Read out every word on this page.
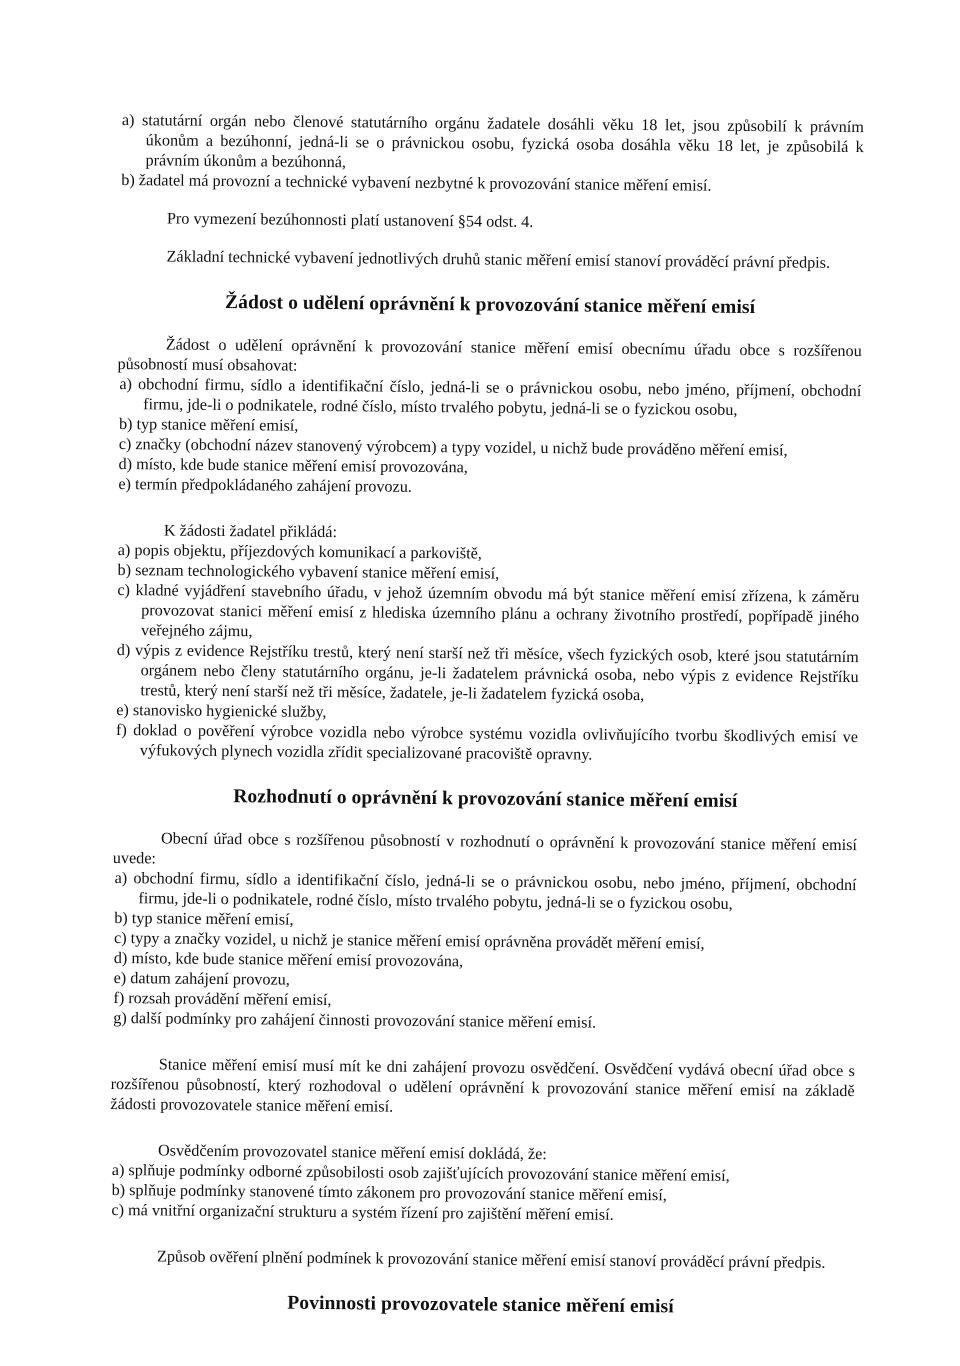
a) statutární orgán nebo členové statutárního orgánu žadatele dosáhli věku 18 let, jsou způsobilí k právním úkonům a bezúhonní, jedná-li se o právnickou osobu, fyzická osoba dosáhla věku 18 let, je způsobilá k právním úkonům a bezúhonná,

b) žadatel má provozní a technické vybavení nezbytné k provozování stanice měření emisí.

Pro vymezení bezúhonnosti platí ustanovení §54 odst. 4.

Základní technické vybavení jednotlivých druhů stanic měření emisí stanoví prováděcí právní předpis.

Žádost o udělení oprávnění k provozování stanice měření emisí

Žádost o udělení oprávnění k provozování stanice měření emisí obecnímu úřadu obce s rozšířenou působností musí obsahovat:

a) obchodní firmu, sídlo a identifikační číslo, jedná-li se o právnickou osobu, nebo jméno, příjmení, obchodní firmu, jde-li o podnikatele, rodné číslo, místo trvalého pobytu, jedná-li se o fyzickou osobu,

b) typ stanice měření emisí,

c) značky (obchodní název stanovený výrobcem) a typy vozidel, u nichž bude prováděno měření emisí,

d) místo, kde bude stanice měření emisí provozována,

e) termín předpokládaného zahájení provozu.

K žádosti žadatel přikládá:

a) popis objektu, příjezdových komunikací a parkoviště,

b) seznam technologického vybavení stanice měření emisí,

c) kladné vyjádření stavebního úřadu, v jehož územním obvodu má být stanice měření emisí zřízena, k záměru provozovat stanici měření emisí z hlediska územního plánu a ochrany životního prostředí, popřípadě jiného veřejného zájmu,

d) výpis z evidence Rejstříku trestů, který není starší než tři měsíce, všech fyzických osob, které jsou statutárním orgánem nebo členy statutárního orgánu, je-li žadatelem právnická osoba, nebo výpis z evidence Rejstříku trestů, který není starší než tři měsíce, žadatele, je-li žadatelem fyzická osoba,

e) stanovisko hygienické služby,

f) doklad o pověření výrobce vozidla nebo výrobce systému vozidla ovlivňujícího tvorbu škodlivých emisí ve výfukových plynech vozidla zřídit specializované pracoviště opravny.

Rozhodnutí o oprávnění k provozování stanice měření emisí

Obecní úřad obce s rozšířenou působností v rozhodnutí o oprávnění k provozování stanice měření emisí uvede:

a) obchodní firmu, sídlo a identifikační číslo, jedná-li se o právnickou osobu, nebo jméno, příjmení, obchodní firmu, jde-li o podnikatele, rodné číslo, místo trvalého pobytu, jedná-li se o fyzickou osobu,

b) typ stanice měření emisí,

c) typy a značky vozidel, u nichž je stanice měření emisí oprávněna provádět měření emisí,

d) místo, kde bude stanice měření emisí provozována,

e) datum zahájení provozu,

f) rozsah provádění měření emisí,

g) další podmínky pro zahájení činnosti provozování stanice měření emisí.

Stanice měření emisí musí mít ke dni zahájení provozu osvědčení. Osvědčení vydává obecní úřad obce s rozšířenou působností, který rozhodoval o udělení oprávnění k provozování stanice měření emisí na základě žádosti provozovatele stanice měření emisí.

Osvědčením provozovatel stanice měření emisí dokládá, že:

a) splňuje podmínky odborné způsobilosti osob zajišťujících provozování stanice měření emisí,

b) splňuje podmínky stanovené tímto zákonem pro provozování stanice měření emisí,

c) má vnitřní organizační strukturu a systém řízení pro zajištění měření emisí.

Způsob ověření plnění podmínek k provozování stanice měření emisí stanoví prováděcí právní předpis.

Povinnosti provozovatele stanice měření emisí
